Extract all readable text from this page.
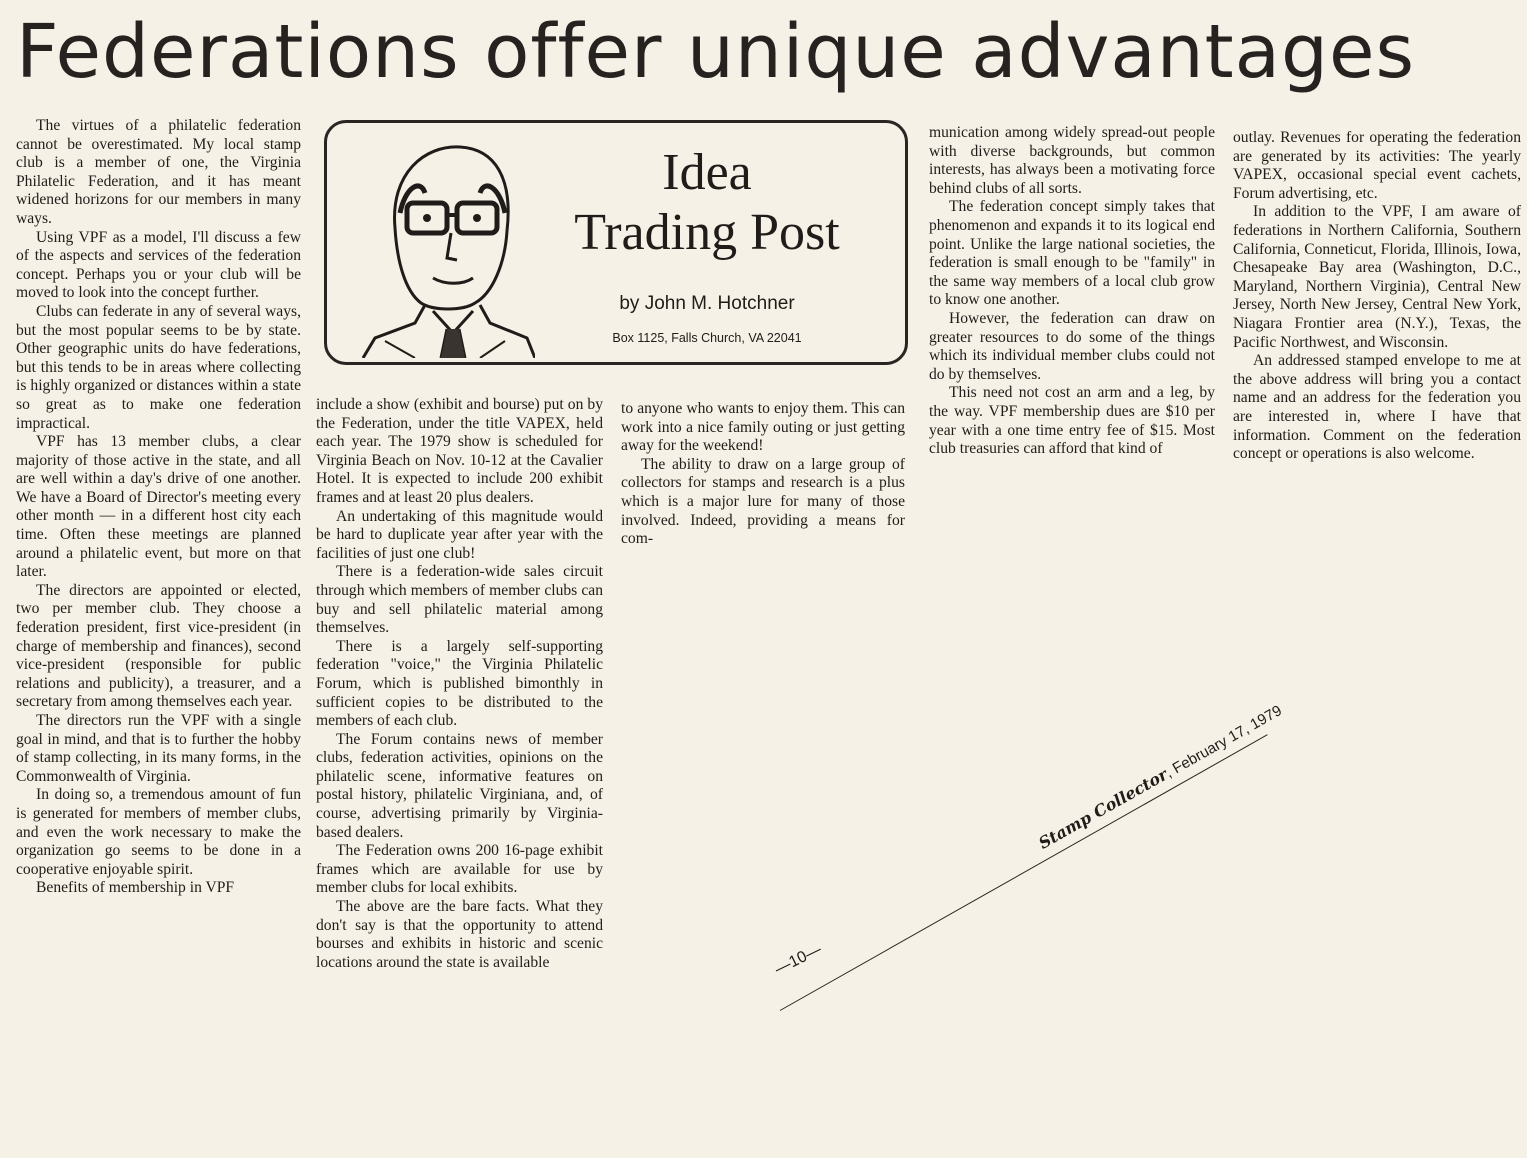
Federations offer unique advantages
Idea
Trading Post
by John M. Hotchner
Box 1125, Falls Church, VA 22041

The virtues of a philatelic federation cannot be overestimated. My local stamp club is a member of one, the Virginia Philatelic Federation, and it has meant widened horizons for our members in many ways.

Using VPF as a model, I'll discuss a few of the aspects and services of the federation concept. Perhaps you or your club will be moved to look into the concept further.

Clubs can federate in any of several ways, but the most popular seems to be by state. Other geographic units do have federations, but this tends to be in areas where collecting is highly organized or distances within a state so great as to make one federation impractical.

VPF has 13 member clubs, a clear majority of those active in the state, and all are well within a day's drive of one another. We have a Board of Director's meeting every other month — in a different host city each time. Often these meetings are planned around a philatelic event, but more on that later.

The directors are appointed or elected, two per member club. They choose a federation president, first vice-president (in charge of membership and finances), second vice-president (responsible for public relations and publicity), a treasurer, and a secretary from among themselves each year.

The directors run the VPF with a single goal in mind, and that is to further the hobby of stamp collecting, in its many forms, in the Commonwealth of Virginia.

In doing so, a tremendous amount of fun is generated for members of member clubs, and even the work necessary to make the organization go seems to be done in a cooperative enjoyable spirit.

Benefits of membership in VPF

include a show (exhibit and bourse) put on by the Federation, under the title VAPEX, held each year. The 1979 show is scheduled for Virginia Beach on Nov. 10-12 at the Cavalier Hotel. It is expected to include 200 exhibit frames and at least 20 plus dealers.

An undertaking of this magnitude would be hard to duplicate year after year with the facilities of just one club!

There is a federation-wide sales circuit through which members of member clubs can buy and sell philatelic material among themselves.

There is a largely self-supporting federation "voice," the Virginia Philatelic Forum, which is published bimonthly in sufficient copies to be distributed to the members of each club.

The Forum contains news of member clubs, federation activities, opinions on the philatelic scene, informative features on postal history, philatelic Virginiana, and, of course, advertising primarily by Virginia-based dealers.

The Federation owns 200 16-page exhibit frames which are available for use by member clubs for local exhibits.

The above are the bare facts. What they don't say is that the opportunity to attend bourses and exhibits in historic and scenic locations around the state is available

to anyone who wants to enjoy them. This can work into a nice family outing or just getting away for the weekend!

The ability to draw on a large group of collectors for stamps and research is a plus which is a major lure for many of those involved. Indeed, providing a means for com-

munication among widely spread-out people with diverse backgrounds, but common interests, has always been a motivating force behind clubs of all sorts.

The federation concept simply takes that phenomenon and expands it to its logical end point. Unlike the large national societies, the federation is small enough to be "family" in the same way members of a local club grow to know one another.

However, the federation can draw on greater resources to do some of the things which its individual member clubs could not do by themselves.

This need not cost an arm and a leg, by the way. VPF membership dues are $10 per year with a one time entry fee of $15. Most club treasuries can afford that kind of

outlay. Revenues for operating the federation are generated by its activities: The yearly VAPEX, occasional special event cachets, Forum advertising, etc.

In addition to the VPF, I am aware of federations in Northern California, Southern California, Conneticut, Florida, Illinois, Iowa, Chesapeake Bay area (Washington, D.C., Maryland, Northern Virginia), Central New Jersey, North New Jersey, Central New York, Niagara Frontier area (N.Y.), Texas, the Pacific Northwest, and Wisconsin.

An addressed stamped envelope to me at the above address will bring you a contact name and an address for the federation you are interested in, where I have that information. Comment on the federation concept or operations is also welcome.

—10—
Stamp Collector, February 17, 1979
